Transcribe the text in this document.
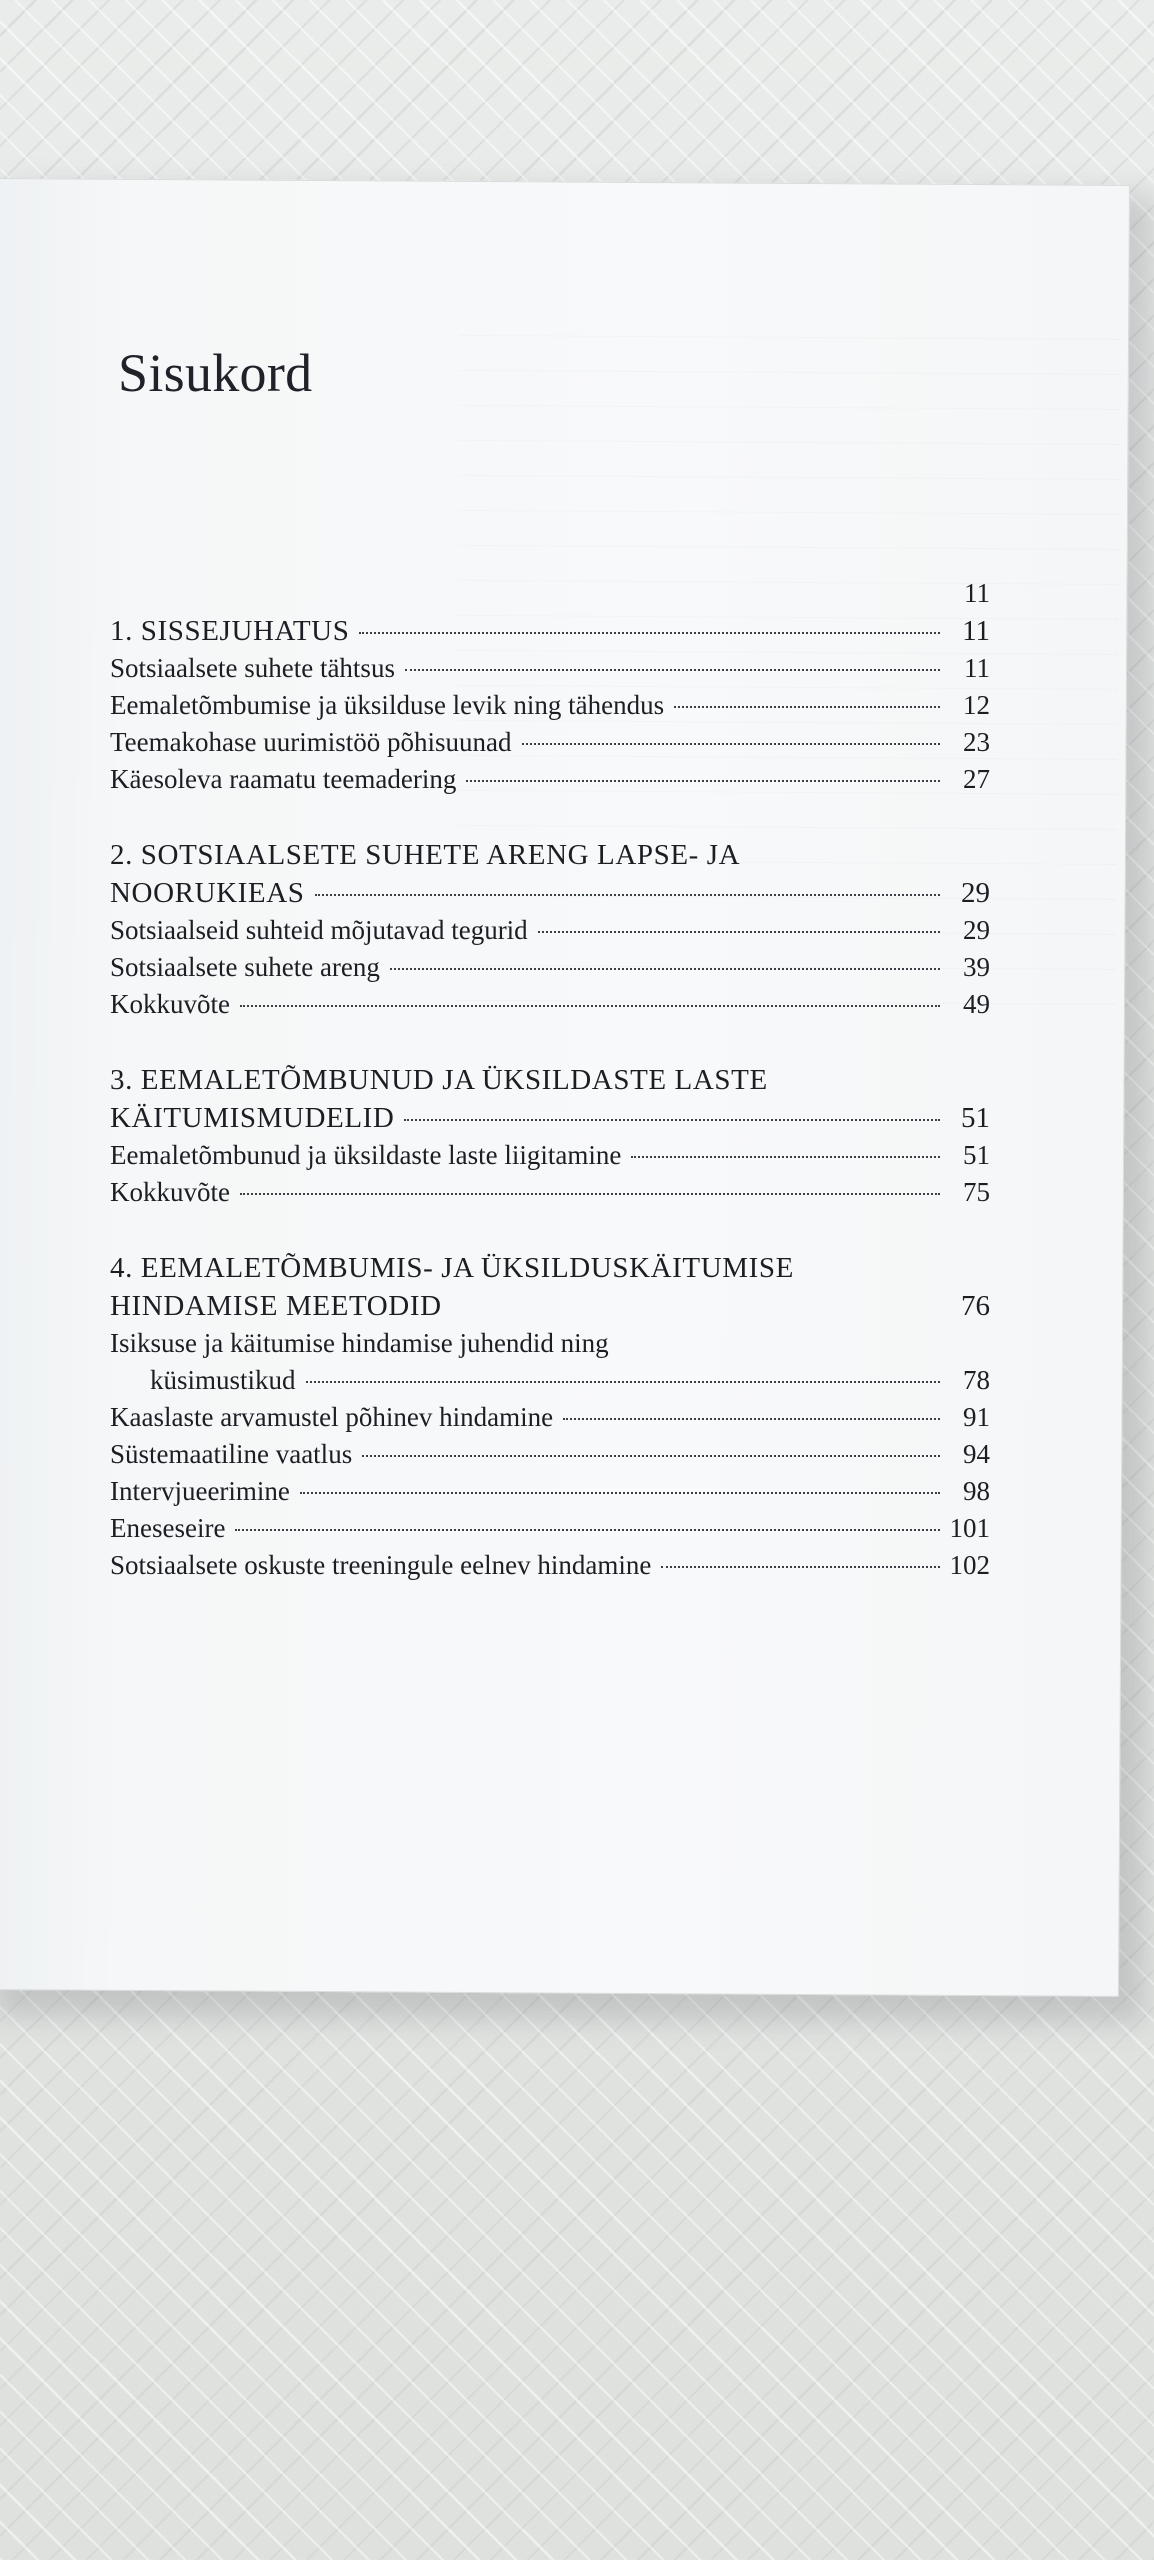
Sisukord
11
1. SISSEJUHATUS	11
Sotsiaalsete suhete tähtsus	11
Eemaletõmbumise ja üksilduse levik ning tähendus	12
Teemakohase uurimistöö põhisuunad	23
Käesoleva raamatu teemadering	27
2. SOTSIAALSETE SUHETE ARENG LAPSE- JA
NOORUKIEAS	29
Sotsiaalseid suhteid mõjutavad tegurid	29
Sotsiaalsete suhete areng	39
Kokkuvõte	49
3. EEMALETÕMBUNUD JA ÜKSILDASTE LASTE
KÄITUMISMUDELID	51
Eemaletõmbunud ja üksildaste laste liigitamine	51
Kokkuvõte	75
4. EEMALETÕMBUMIS- JA ÜKSILDUSKÄITUMISE
HINDAMISE MEETODID	76
Isiksuse ja käitumise hindamise juhendid ning
küsimustikud	78
Kaaslaste arvamustel põhinev hindamine	91
Süstemaatiline vaatlus	94
Intervjueerimine	98
Eneseseire	101
Sotsiaalsete oskuste treeningule eelnev hindamine	102
